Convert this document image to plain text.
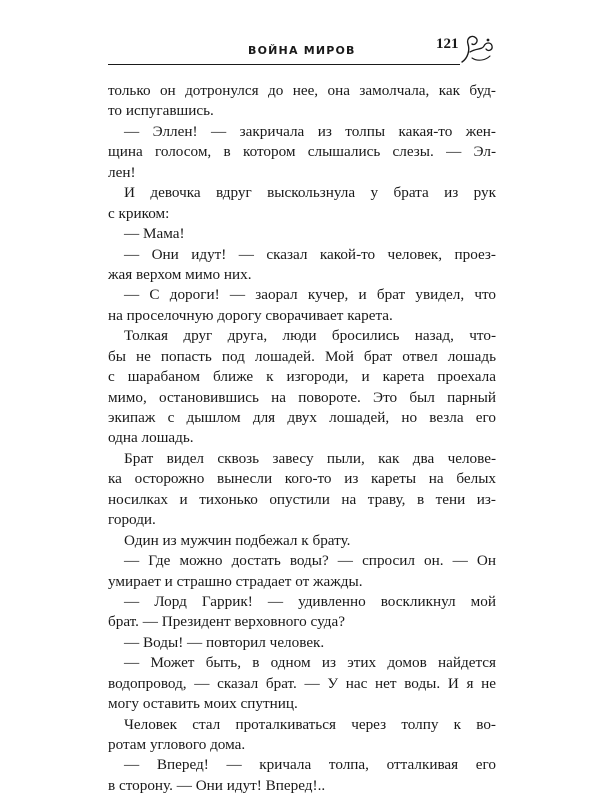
ВОЙНА МИРОВ	121
только он дотронулся до нее, она замолчала, как буд-
то испугавшись.
— Эллен! — закричала из толпы какая-то жен-
щина голосом, в котором слышались слезы. — Эл-
лен!
И девочка вдруг выскользнула у брата из рук
с криком:
— Мама!
— Они идут! — сказал какой-то человек, проез-
жая верхом мимо них.
— С дороги! — заорал кучер, и брат увидел, что
на проселочную дорогу сворачивает карета.
Толкая друг друга, люди бросились назад, что-
бы не попасть под лошадей. Мой брат отвел лошадь
с шарабаном ближе к изгороди, и карета проехала
мимо, остановившись на повороте. Это был парный
экипаж с дышлом для двух лошадей, но везла его
одна лошадь.
Брат видел сквозь завесу пыли, как два челове-
ка осторожно вынесли кого-то из кареты на белых
носилках и тихонько опустили на траву, в тени из-
городи.
Один из мужчин подбежал к брату.
— Где можно достать воды? — спросил он. — Он
умирает и страшно страдает от жажды.
— Лорд Гаррик! — удивленно воскликнул мой
брат. — Президент верховного суда?
— Воды! — повторил человек.
— Может быть, в одном из этих домов найдется
водопровод, — сказал брат. — У нас нет воды. И я не
могу оставить моих спутниц.
Человек стал проталкиваться через толпу к во-
ротам углового дома.
— Вперед! — кричала толпа, отталкивая его
в сторону. — Они идут! Вперед!..
